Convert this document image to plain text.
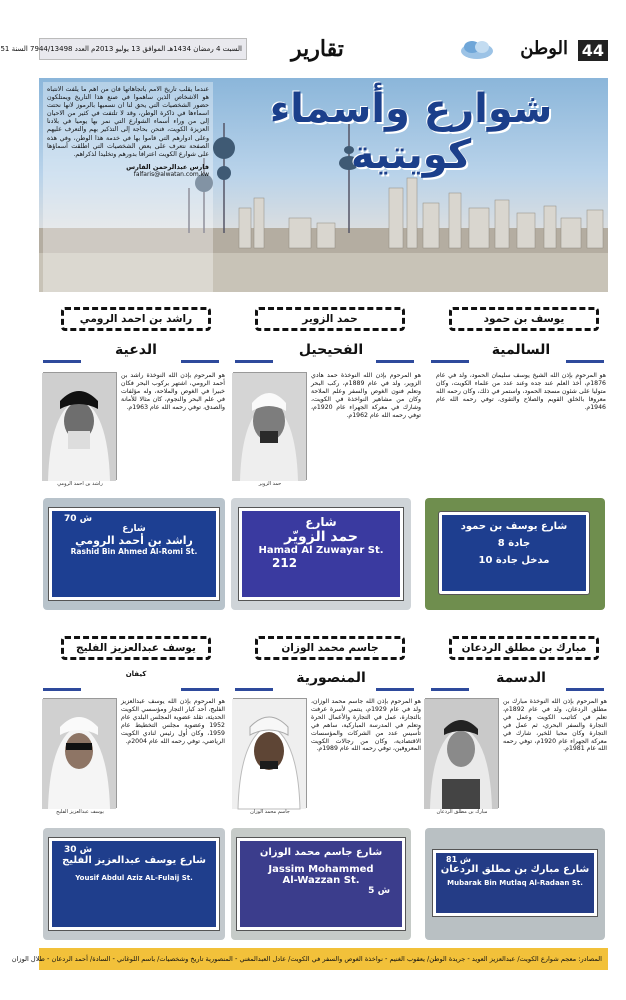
44
الوطن
تقارير
السبت 4 رمضان 1434هـ الموافق 13 يوليو 2013م العدد 7944/13498 السنة 51

عندما يقلب تاريخ الامم باتجاهاتها فان من اهم ما يلفت الانتباه هو الاشخاص الذين ساهموا في صنع هذا التاريخ ويمتلكون حضور الشخصيات التي يحق لنا ان نسميها بالرموز لانها نحتت اسماءها في ذاكرة الوطن، وقد لا تلتفت في كثير من الاحيان إلى من وراء أسماء الشوارع التي نمر بها يوميا في بلادنا العزيزة الكويت، فنحن بحاجة إلى التذكير بهم والتعرف عليهم وعلى ادوارهم التي قاموا بها في خدمة هذا الوطن، وفي هذه الصفحة نتعرف على بعض الشخصيات التي اطلقت أسماؤها على شوارع الكويت اعترافا بدورهم وتخليدا لذكراهم.

فارس عبدالرحمن الفارس

falfaris@alwatan.com.kw

شوارع وأسماء كويتية
يوسف بن حمود
السالمية
هو المرحوم بإذن الله الشيخ يوسف سليمان الحمود، ولد في عام 1876م، أخذ العلم عند جده وعند عدد من علماء الكويت، وكان متوليا على شئون مسجد الحمود، واستمر في ذلك، وكان رحمه الله معروفا بالخلق القويم والصلاح والتقوى، توفي رحمه الله عام 1946م.
حمد الزوير
الفحيحيل
هو المرحوم بإذن الله النوخذة حمد هادي الزوير، ولد في عام 1889م، ركب البحر وتعلم فنون الغوص والسفر وعلم الملاحة وكان من مشاهير النواخذة في الكويت، وشارك في معركة الجهراء عام 1920م، توفي رحمه الله عام 1962م.
حمد الزوير
راشد بن احمد الرومي
الدعية
هو المرحوم بإذن الله النوخذة راشد بن أحمد الرومي، اشتهر بركوب البحر فكان خبيرا في الغوص والملاحة، وله مؤلفات في علم البحر والنجوم، كان مثالا للأمانة والصدق، توفي رحمه الله عام 1963م.
راشد بن احمد الرومي
شارع يوسف بن حمود
جادة 8
مدخل جادة 10
شارع
حمد الزويّر
Hamad Al Zuwayar St.
212
ش 70
شارع
راشد بن أحمد الرومي
Rashid Bin Ahmed Al-Romi St.
مبارك بن مطلق الردعان
الدسمة
هو المرحوم بإذن الله النوخذة مبارك بن مطلق الردعان، ولد في عام 1892م، تعلم في كتاتيب الكويت وعمل في التجارة والسفر البحري، ثم عمل في التجارة وكان محبا للخير، شارك في معركة الجهراء عام 1920م، توفي رحمه الله عام 1981م.
مبارك بن مطلق الردعان
جاسم محمد الوزان
المنصورية
هو المرحوم بإذن الله جاسم محمد الوزان، ولد في عام 1929م، ينتمي لأسرة عرفت بالتجارة، عمل في التجارة والأعمال الحرة وتعلم في المدرسة المباركية، ساهم في تأسيس عدد من الشركات والمؤسسات الاقتصادية، وكان من رجالات الكويت المعروفين، توفي رحمه الله عام 1989م.
جاسم محمد الوزان
يوسف عبدالعزيز الفليج
كيفان
هو المرحوم بإذن الله يوسف عبدالعزيز الفليج، أحد كبار التجار ومؤسسي الكويت الحديثة، تقلد عضوية المجلس البلدي عام 1952 وعضوية مجلس التخطيط عام 1959، وكان أول رئيس لنادي الكويت الرياضي، توفي رحمه الله عام 2004م.
يوسف عبدالعزيز الفليج
ش 81
شارع مبارك بن مطلق الردعان
Mubarak Bin Mutlaq Al-Radaan St.
شارع جاسم محمد الوزان
Jassim Mohammed
Al-Wazzan St.
ش 5
ش 30
شارع يوسف عبدالعزيز الفليج
Yousif Abdul Aziz AL-Fulaij St.
المصادر: معجم شوارع الكويت/ عبدالعزيز العويد - جريدة الوطن/ يعقوب الغنيم - نواخذة الغوص والسفر في الكويت/ عادل العبدالمغني - المنصورية تاريخ وشخصيات/ باسم اللوغاني - السادة/ أحمد الردعان - طلال الوزان
